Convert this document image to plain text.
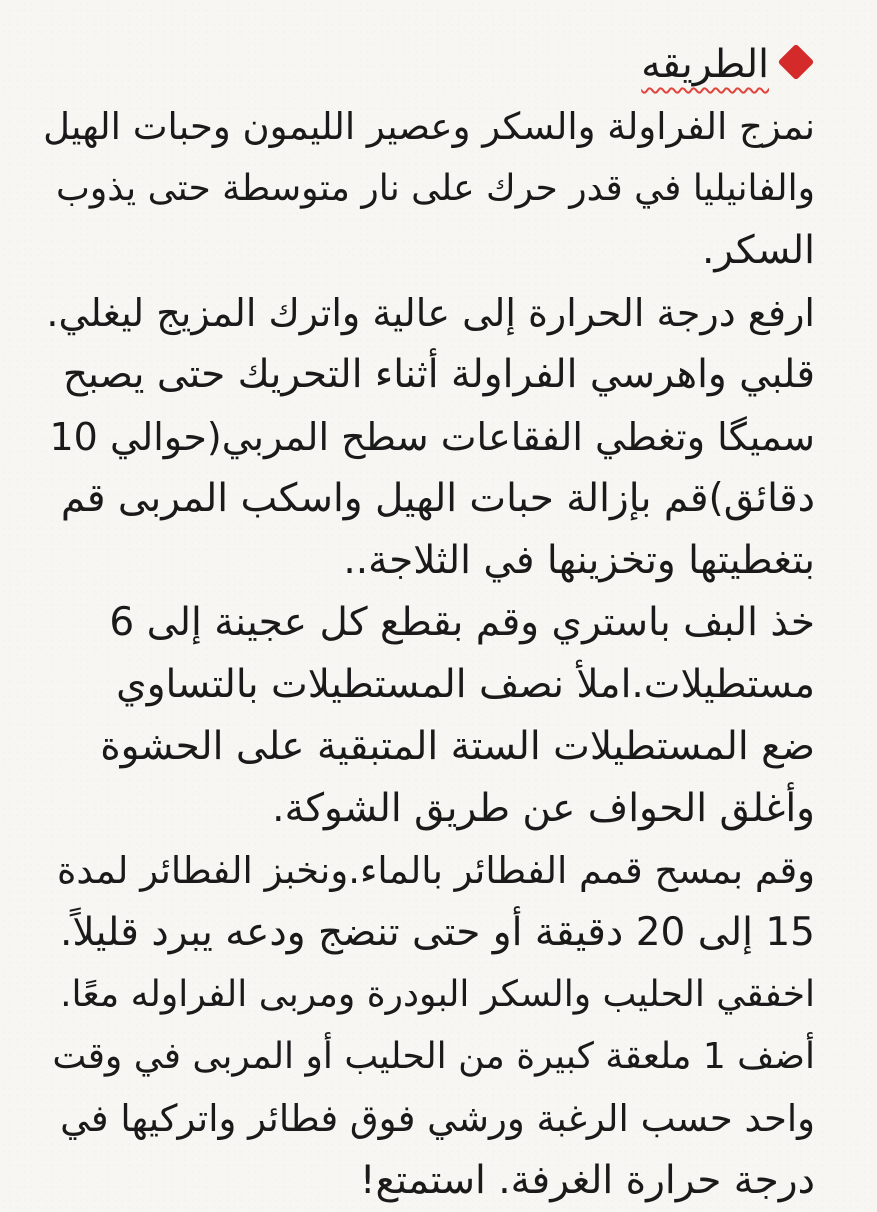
الطريقه
نمزج الفراولة والسكر وعصير الليمون وحبات الهيل
والفانيليا في قدر حرك على نار متوسطة حتى يذوب
السكر.
ارفع درجة الحرارة إلى عالية واترك المزيج ليغلي.
قلبي واهرسي الفراولة أثناء التحريك حتى يصبح
سميگا وتغطي الفقاعات سطح المربي(حوالي 10
دقائق)قم بإزالة حبات الهيل واسكب المربى قم
بتغطيتها وتخزينها في الثلاجة..
خذ البف باستري وقم بقطع كل عجينة إلى 6
مستطيلات.املأ نصف المستطيلات بالتساوي
ضع المستطيلات الستة المتبقية على الحشوة
وأغلق الحواف عن طريق الشوكة.
وقم بمسح قمم الفطائر بالماء.ونخبز الفطائر لمدة
15 إلى 20 دقيقة أو حتى تنضج ودعه يبرد قليلاً.
اخفقي الحليب والسكر البودرة ومربى الفراوله معًا.
أضف 1 ملعقة كبيرة من الحليب أو المربى في وقت
واحد حسب الرغبة ورشي فوق فطائر واتركيها في
درجة حرارة الغرفة. استمتع!
